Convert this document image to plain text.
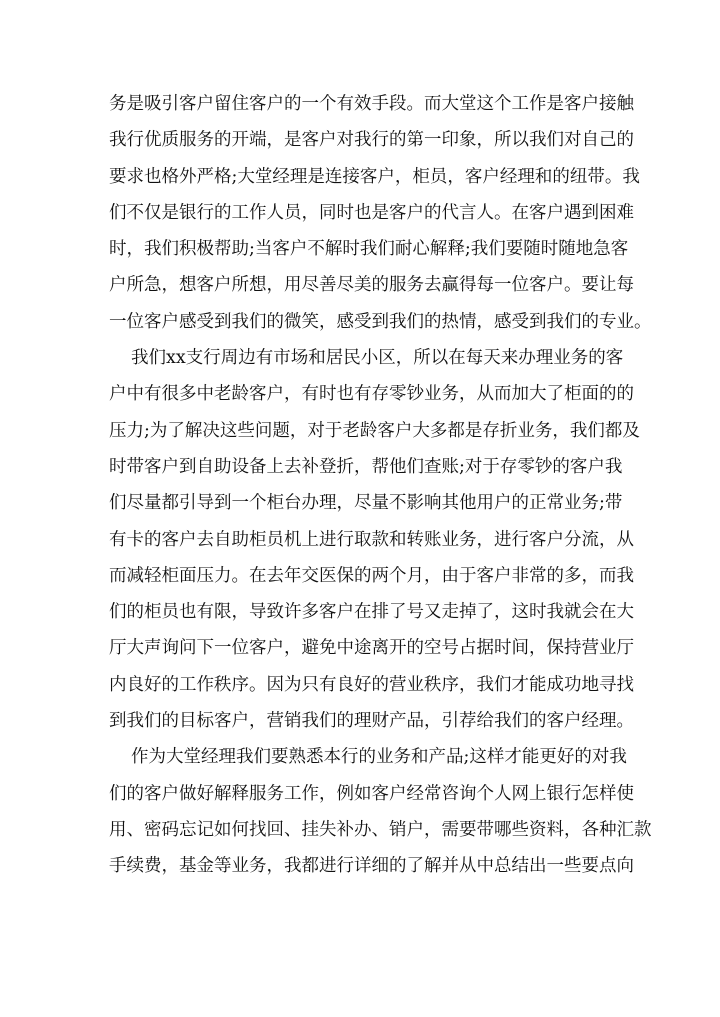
务是吸引客户留住客户的一个有效手段。而大堂这个工作是客户接触
我行优质服务的开端，是客户对我行的第一印象，所以我们对自己的
要求也格外严格;大堂经理是连接客户，柜员，客户经理和的纽带。我
们不仅是银行的工作人员，同时也是客户的代言人。在客户遇到困难
时，我们积极帮助;当客户不解时我们耐心解释;我们要随时随地急客
户所急，想客户所想，用尽善尽美的服务去赢得每一位客户。要让每
一位客户感受到我们的微笑，感受到我们的热情，感受到我们的专业。
我们xx支行周边有市场和居民小区，所以在每天来办理业务的客
户中有很多中老龄客户，有时也有存零钞业务，从而加大了柜面的的
压力;为了解决这些问题，对于老龄客户大多都是存折业务，我们都及
时带客户到自助设备上去补登折，帮他们查账;对于存零钞的客户我
们尽量都引导到一个柜台办理，尽量不影响其他用户的正常业务;带
有卡的客户去自助柜员机上进行取款和转账业务，进行客户分流，从
而减轻柜面压力。在去年交医保的两个月，由于客户非常的多，而我
们的柜员也有限，导致许多客户在排了号又走掉了，这时我就会在大
厅大声询问下一位客户，避免中途离开的空号占据时间，保持营业厅
内良好的工作秩序。因为只有良好的营业秩序，我们才能成功地寻找
到我们的目标客户，营销我们的理财产品，引荐给我们的客户经理。
作为大堂经理我们要熟悉本行的业务和产品;这样才能更好的对我
们的客户做好解释服务工作，例如客户经常咨询个人网上银行怎样使
用、密码忘记如何找回、挂失补办、销户，需要带哪些资料，各种汇款
手续费，基金等业务，我都进行详细的了解并从中总结出一些要点向
